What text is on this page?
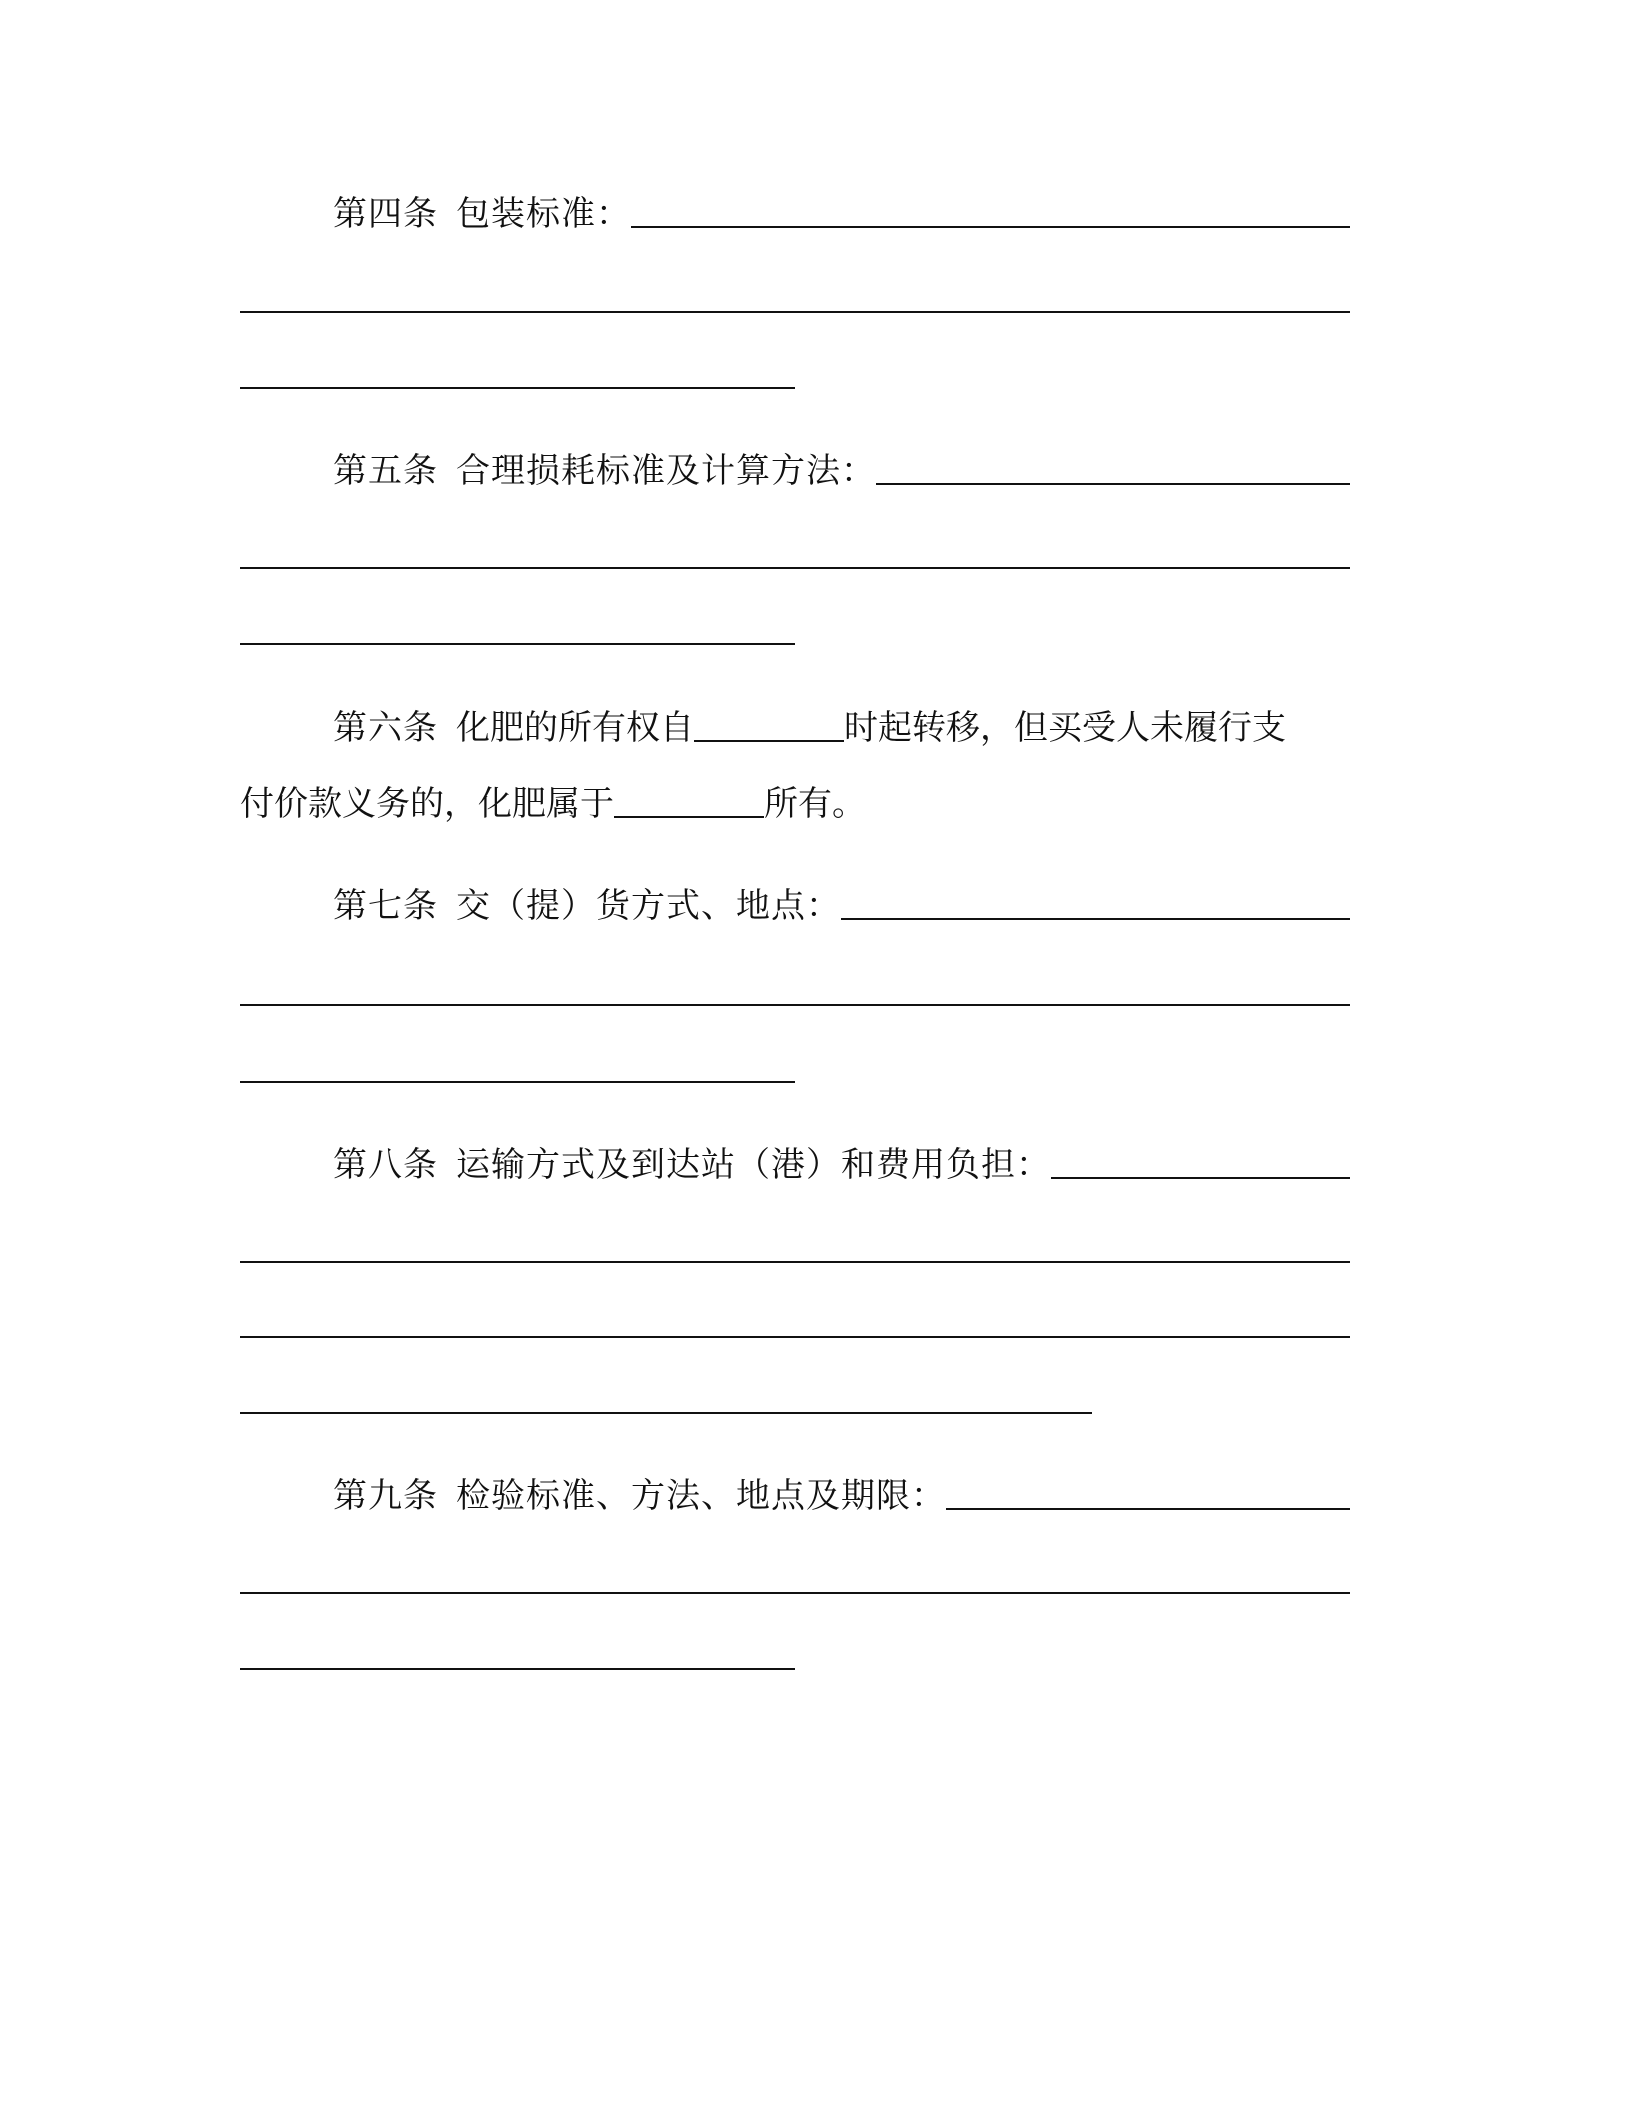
第四条 包装标准：
第五条 合理损耗标准及计算方法：
第六条 化肥的所有权自	时起转移，但买受人未履行支
付价款义务的，化肥属于	所有。
第七条 交（提）货方式、地点：
第八条 运输方式及到达站（港）和费用负担：
第九条 检验标准、方法、地点及期限：
